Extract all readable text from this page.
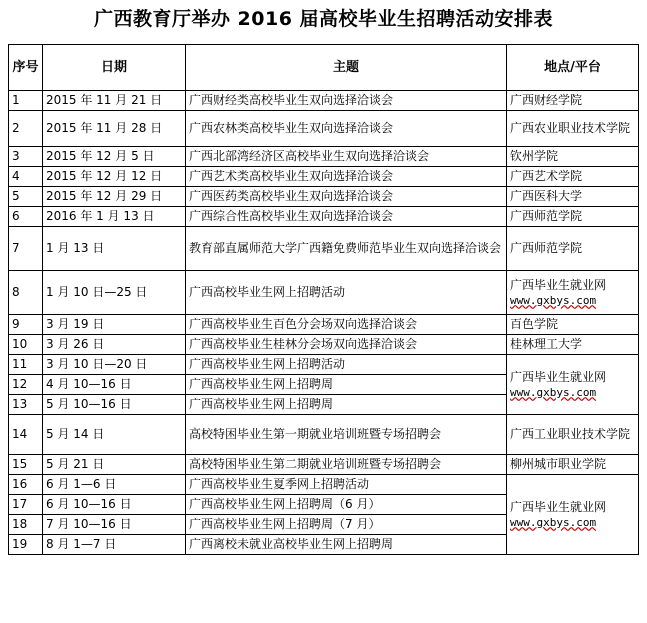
广西教育厅举办 2016 届高校毕业生招聘活动安排表
序号	日期	主题	地点/平台
1	2015 年 11 月 21 日	广西财经类高校毕业生双向选择洽谈会	广西财经学院
2	2015 年 11 月 28 日	广西农林类高校毕业生双向选择洽谈会	广西农业职业技术学院
3	2015 年 12 月 5 日	广西北部湾经济区高校毕业生双向选择洽谈会	钦州学院
4	2015 年 12 月 12 日	广西艺术类高校毕业生双向选择洽谈会	广西艺术学院
5	2015 年 12 月 29 日	广西医药类高校毕业生双向选择洽谈会	广西医科大学
6	2016 年 1 月 13 日	广西综合性高校毕业生双向选择洽谈会	广西师范学院
7	1 月 13 日	教育部直属师范大学广西籍免费师范毕业生双向选择洽谈会	广西师范学院
8	1 月 10 日—25 日	广西高校毕业生网上招聘活动	广西毕业生就业网
www.gxbys.com

9	3 月 19 日	广西高校毕业生百色分会场双向选择洽谈会	百色学院
10	3 月 26 日	广西高校毕业生桂林分会场双向选择洽谈会	桂林理工大学
11	3 月 10 日—20 日	广西高校毕业生网上招聘活动	广西毕业生就业网
www.gxbys.com

12	4 月 10—16 日	广西高校毕业生网上招聘周	
13	5 月 10—16 日	广西高校毕业生网上招聘周	
14	5 月 14 日	高校特困毕业生第一期就业培训班暨专场招聘会	广西工业职业技术学院
15	5 月 21 日	高校特困毕业生第二期就业培训班暨专场招聘会	柳州城市职业学院
16	6 月 1—6 日	广西高校毕业生夏季网上招聘活动	广西毕业生就业网
www.gxbys.com

17	6 月 10—16 日	广西高校毕业生网上招聘周（6 月）	
18	7 月 10—16 日	广西高校毕业生网上招聘周（7 月）	
19	8 月 1—7 日	广西离校未就业高校毕业生网上招聘周	
